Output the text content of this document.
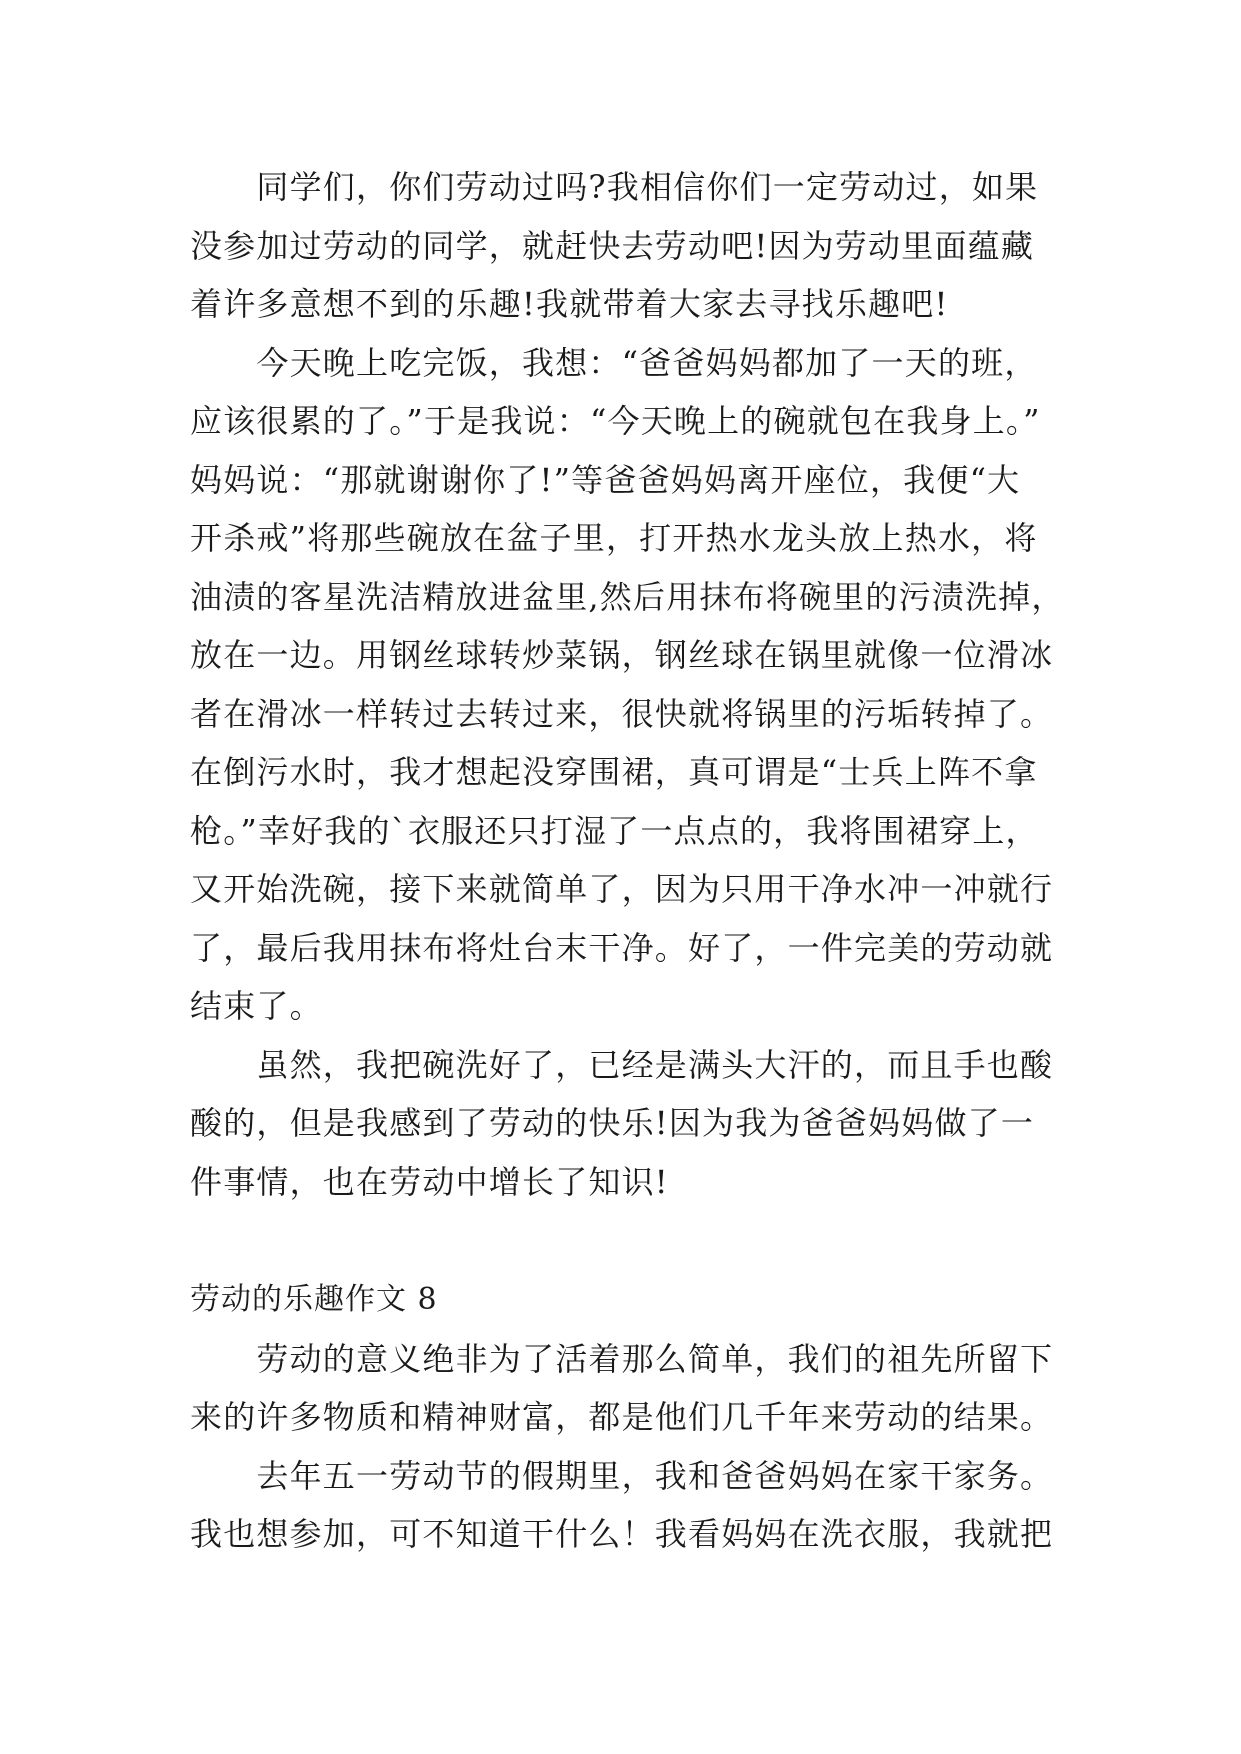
　　同学们，你们劳动过吗?我相信你们一定劳动过，如果
没参加过劳动的同学，就赶快去劳动吧!因为劳动里面蕴藏
着许多意想不到的乐趣!我就带着大家去寻找乐趣吧!
　　今天晚上吃完饭，我想：“爸爸妈妈都加了一天的班，
应该很累的了。”于是我说：“今天晚上的碗就包在我身上。”
妈妈说：“那就谢谢你了!”等爸爸妈妈离开座位，我便“大
开杀戒”将那些碗放在盆子里，打开热水龙头放上热水，将
油渍的客星洗洁精放进盆里,然后用抹布将碗里的污渍洗掉，
放在一边。用钢丝球转炒菜锅，钢丝球在锅里就像一位滑冰
者在滑冰一样转过去转过来，很快就将锅里的污垢转掉了。
在倒污水时，我才想起没穿围裙，真可谓是“士兵上阵不拿
枪。”幸好我的`衣服还只打湿了一点点的，我将围裙穿上，
又开始洗碗，接下来就简单了，因为只用干净水冲一冲就行
了，最后我用抹布将灶台末干净。好了，一件完美的劳动就
结束了。
　　虽然，我把碗洗好了，已经是满头大汗的，而且手也酸
酸的，但是我感到了劳动的快乐!因为我为爸爸妈妈做了一
件事情，也在劳动中增长了知识!
劳动的乐趣作文 8
　　劳动的意义绝非为了活着那么简单，我们的祖先所留下
来的许多物质和精神财富，都是他们几千年来劳动的结果。
　　去年五一劳动节的假期里，我和爸爸妈妈在家干家务。
我也想参加，可不知道干什么！我看妈妈在洗衣服，我就把
